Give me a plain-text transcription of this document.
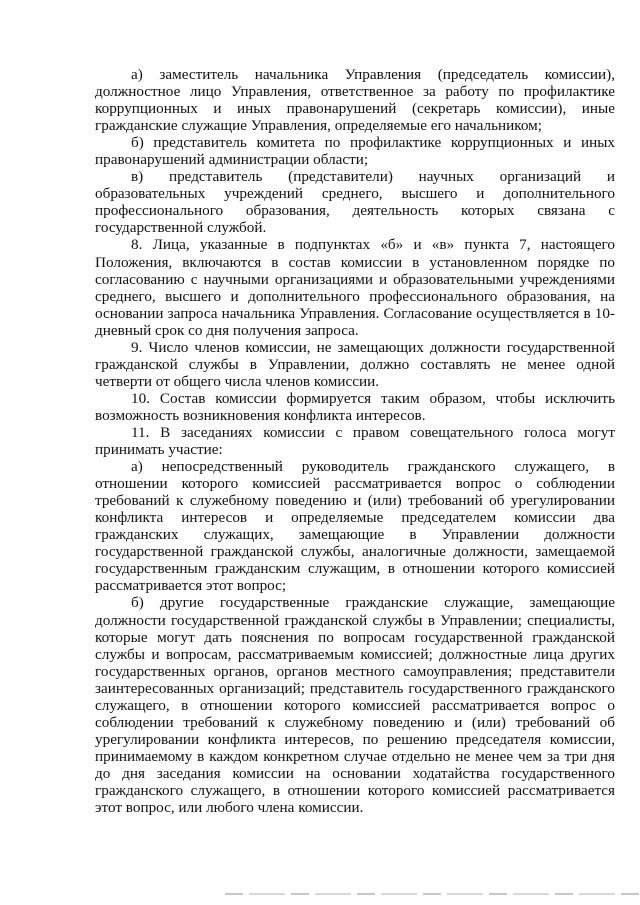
а) заместитель начальника Управления (председатель комиссии), должностное лицо Управления, ответственное за работу по профилактике коррупционных и иных правонарушений (секретарь комиссии), иные гражданские служащие Управления, определяемые его начальником;

б) представитель комитета по профилактике коррупционных и иных правонарушений администрации области;

в) представитель (представители) научных организаций и образовательных учреждений среднего, высшего и дополнительного профессионального образования, деятельность которых связана с государственной службой.

8. Лица, указанные в подпунктах «б» и «в» пункта 7, настоящего Положения, включаются в состав комиссии в установленном порядке по согласованию с научными организациями и образовательными учреждениями среднего, высшего и дополнительного профессионального образования, на основании запроса начальника Управления. Согласование осуществляется в 10-дневный срок со дня получения запроса.

9. Число членов комиссии, не замещающих должности государственной гражданской службы в Управлении, должно составлять не менее одной четверти от общего числа членов комиссии.

10. Состав комиссии формируется таким образом, чтобы исключить возможность возникновения конфликта интересов.

11. В заседаниях комиссии с правом совещательного голоса могут принимать участие:

а) непосредственный руководитель гражданского служащего, в отношении которого комиссией рассматривается вопрос о соблюдении требований к служебному поведению и (или) требований об урегулировании конфликта интересов и определяемые председателем комиссии два гражданских служащих, замещающие в Управлении должности государственной гражданской службы, аналогичные должности, замещаемой государственным гражданским служащим, в отношении которого комиссией рассматривается этот вопрос;

б) другие государственные гражданские служащие, замещающие должности государственной гражданской службы в Управлении; специалисты, которые могут дать пояснения по вопросам государственной гражданской службы и вопросам, рассматриваемым комиссией; должностные лица других государственных органов, органов местного самоуправления; представители заинтересованных организаций; представитель государственного гражданского служащего, в отношении которого комиссией рассматривается вопрос о соблюдении требований к служебному поведению и (или) требований об урегулировании конфликта интересов, по решению председателя комиссии, принимаемому в каждом конкретном случае отдельно не менее чем за три дня до дня заседания комиссии на основании ходатайства государственного гражданского служащего, в отношении которого комиссией рассматривается этот вопрос, или любого члена комиссии.
